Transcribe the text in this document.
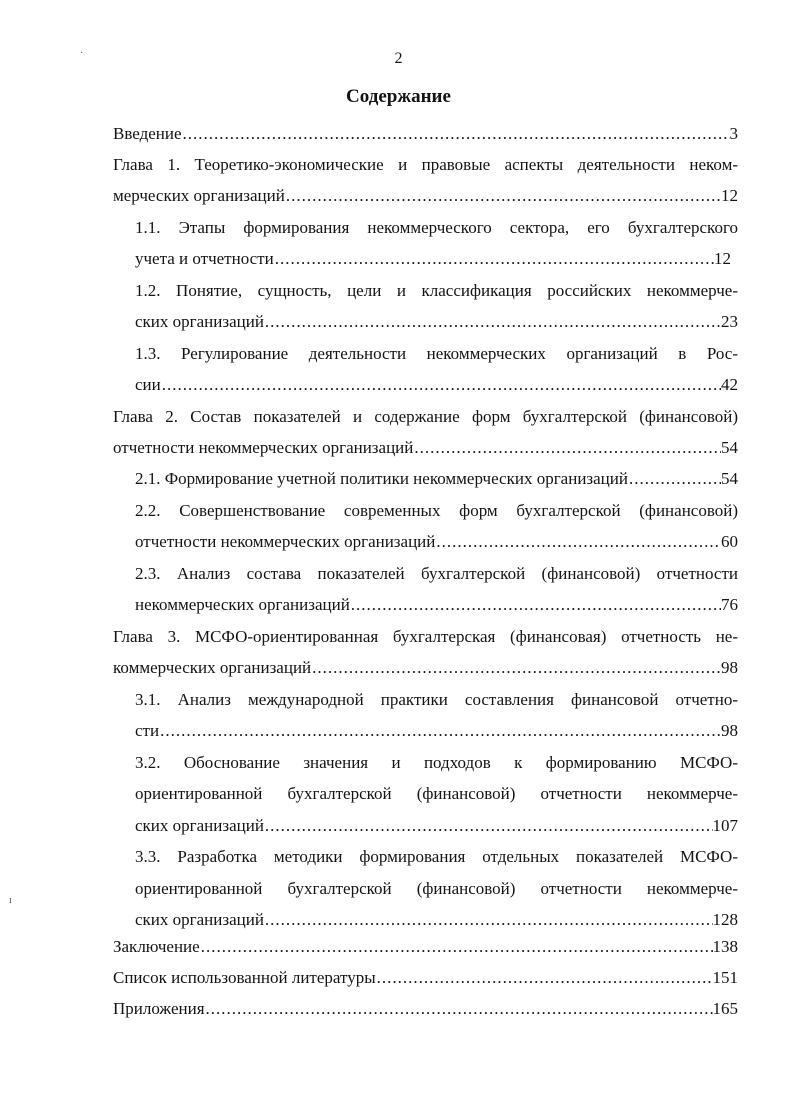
·
ı
2
Содержание
Введение .....	3
Глава 1. Теоретико-экономические и правовые аспекты деятельности неком-
мерческих организаций .....	12
1.1. Этапы формирования некоммерческого сектора, его бухгалтерского
учета и отчетности .....	12
1.2. Понятие, сущность, цели и классификация российских некоммерче-
ских организаций .....	23
1.3. Регулирование деятельности некоммерческих организаций в Рос-
сии .....	42
Глава 2. Состав показателей и содержание форм бухгалтерской (финансовой)
отчетности некоммерческих организаций .....	54
2.1. Формирование учетной политики некоммерческих организаций .....	54
2.2. Совершенствование современных форм бухгалтерской (финансовой)
отчетности некоммерческих организаций .....	60
2.3. Анализ состава показателей бухгалтерской (финансовой) отчетности
некоммерческих организаций .....	76
Глава 3. МСФО-ориентированная бухгалтерская (финансовая) отчетность не-
коммерческих организаций .....	98
3.1. Анализ международной практики составления финансовой отчетно-
сти .....	98
3.2. Обоснование значения и подходов к формированию МСФО-
ориентированной бухгалтерской (финансовой) отчетности некоммерче-
ских организаций .....	107
3.3. Разработка методики формирования отдельных показателей МСФО-
ориентированной бухгалтерской (финансовой) отчетности некоммерче-
ских организаций .....	128
Заключение .....	138
Список использованной литературы .....	151
Приложения .....	165
